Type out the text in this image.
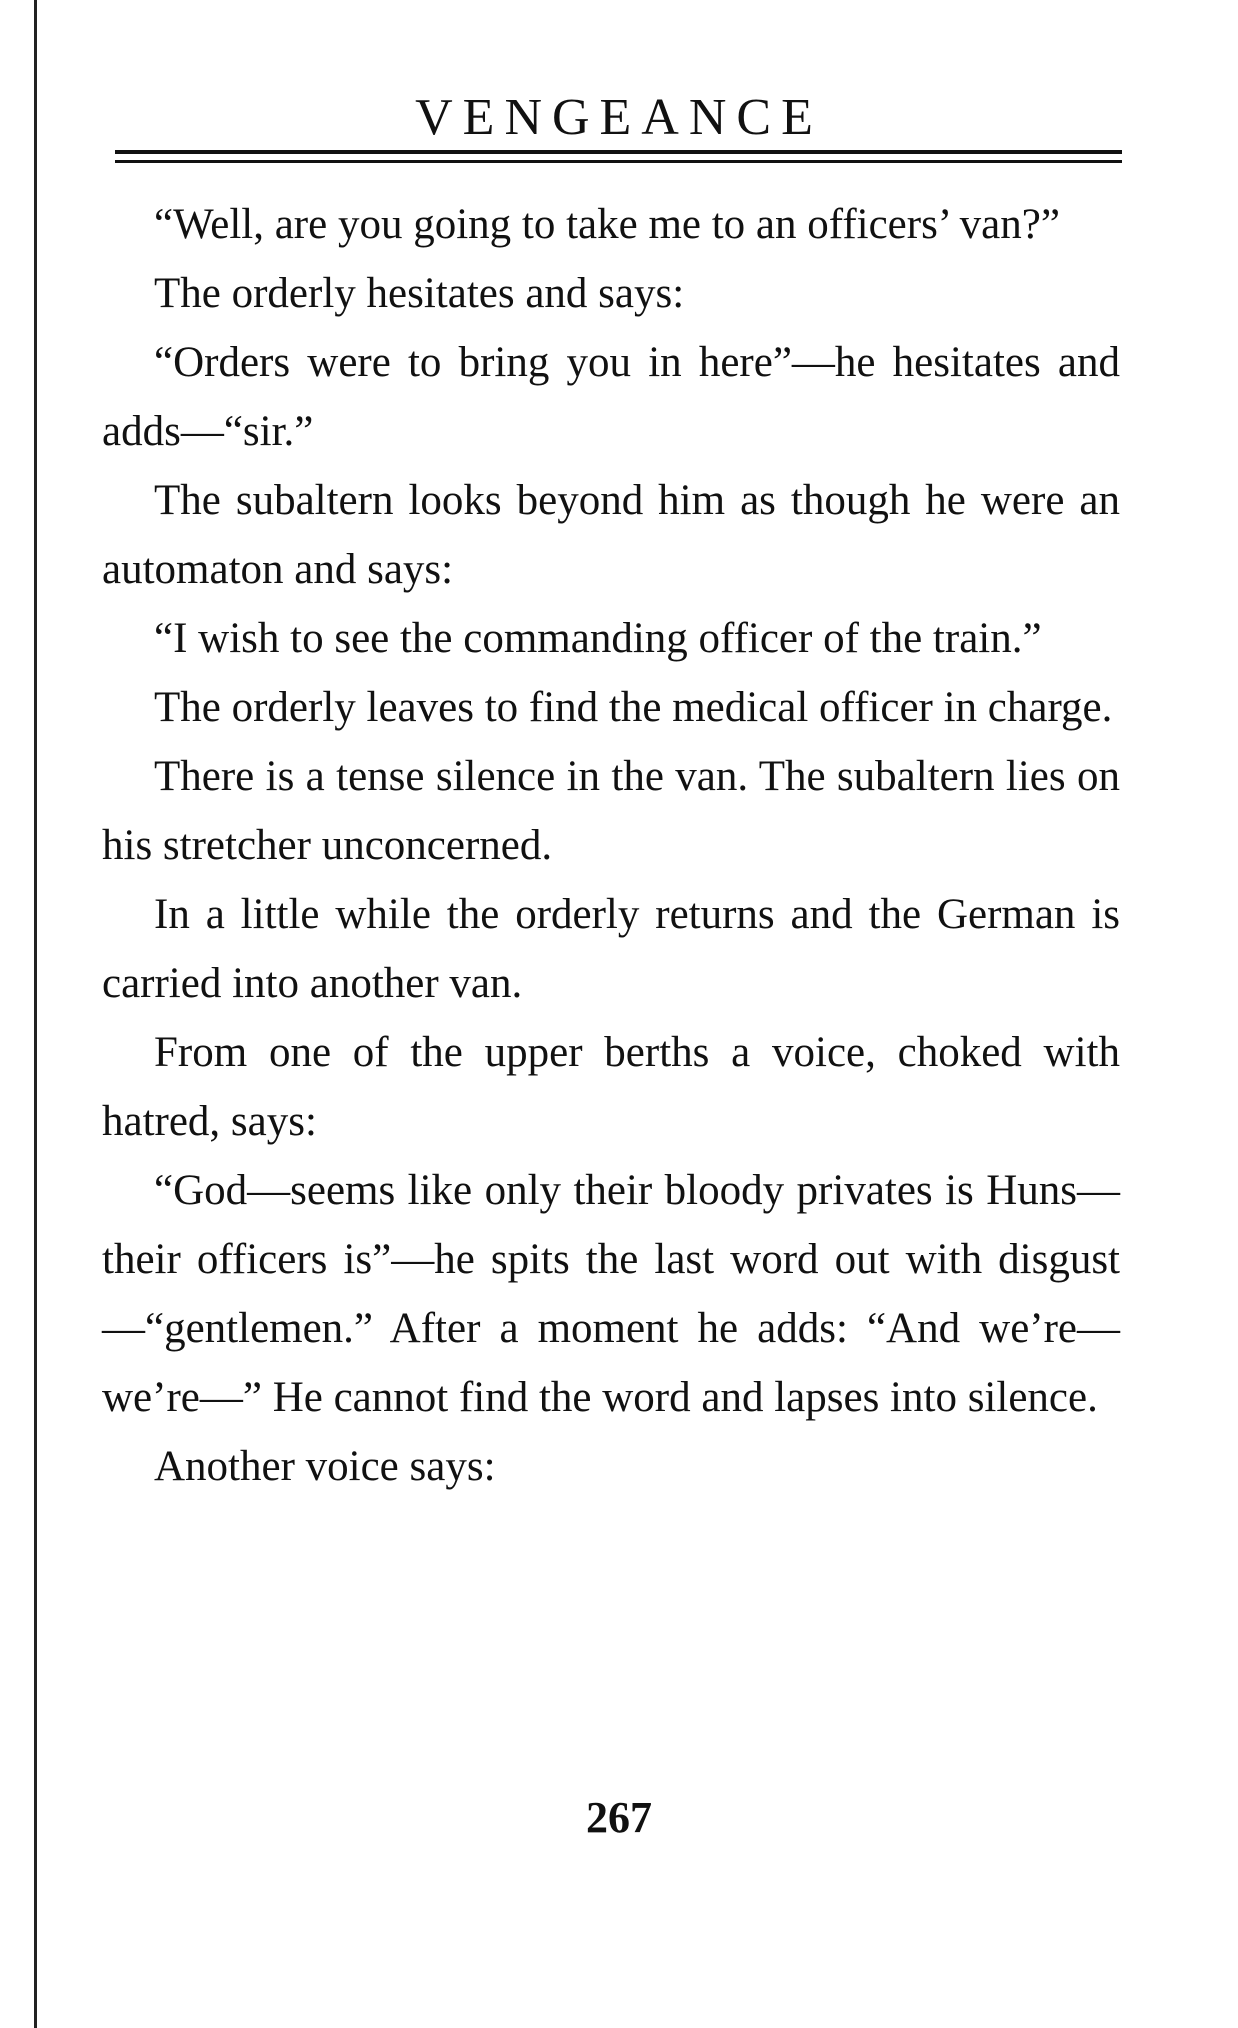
VENGEANCE

“Well, are you going to take me to an officers’ van?”

The orderly hesitates and says:

“Orders were to bring you in here”—he hesitates and adds—“sir.”

The subaltern looks beyond him as though he were an automaton and says:

“I wish to see the commanding officer of the train.”

The orderly leaves to find the medical officer in charge.

There is a tense silence in the van. The subaltern lies on his stretcher unconcerned.

In a little while the orderly returns and the German is carried into another van.

From one of the upper berths a voice, choked with hatred, says:

“God—seems like only their bloody privates is Huns—their officers is”—he spits the last word out with disgust—“gentlemen.” After a moment he adds: “And we’re—we’re—” He cannot find the word and lapses into silence.

Another voice says:

267
